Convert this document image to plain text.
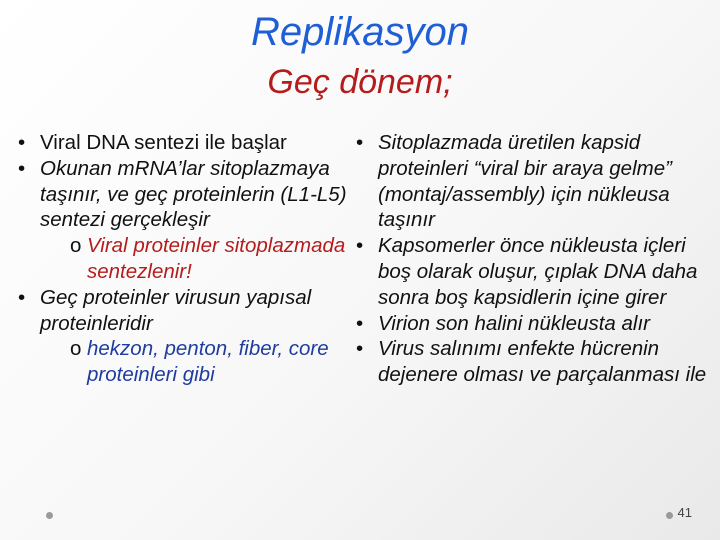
Replikasyon
Geç dönem;
• Viral DNA sentezi ile başlar
• Okunan mRNA’lar sitoplazmaya taşınır, ve geç proteinlerin (L1-L5) sentezi gerçekleşir
o Viral proteinler sitoplazmada sentezlenir!
• Geç proteinler virusun yapısal proteinleridir
o hekzon, penton, fiber, core proteinleri gibi
• Sitoplazmada üretilen kapsid proteinleri “viral bir araya gelme” (montaj/assembly) için nükleusa taşınır
• Kapsomerler önce nükleusta içleri boş olarak oluşur, çıplak DNA daha sonra boş kapsidlerin içine girer
• Virion son halini nükleusta alır
• Virus salınımı enfekte hücrenin dejenere olması ve parçalanması ile
41
